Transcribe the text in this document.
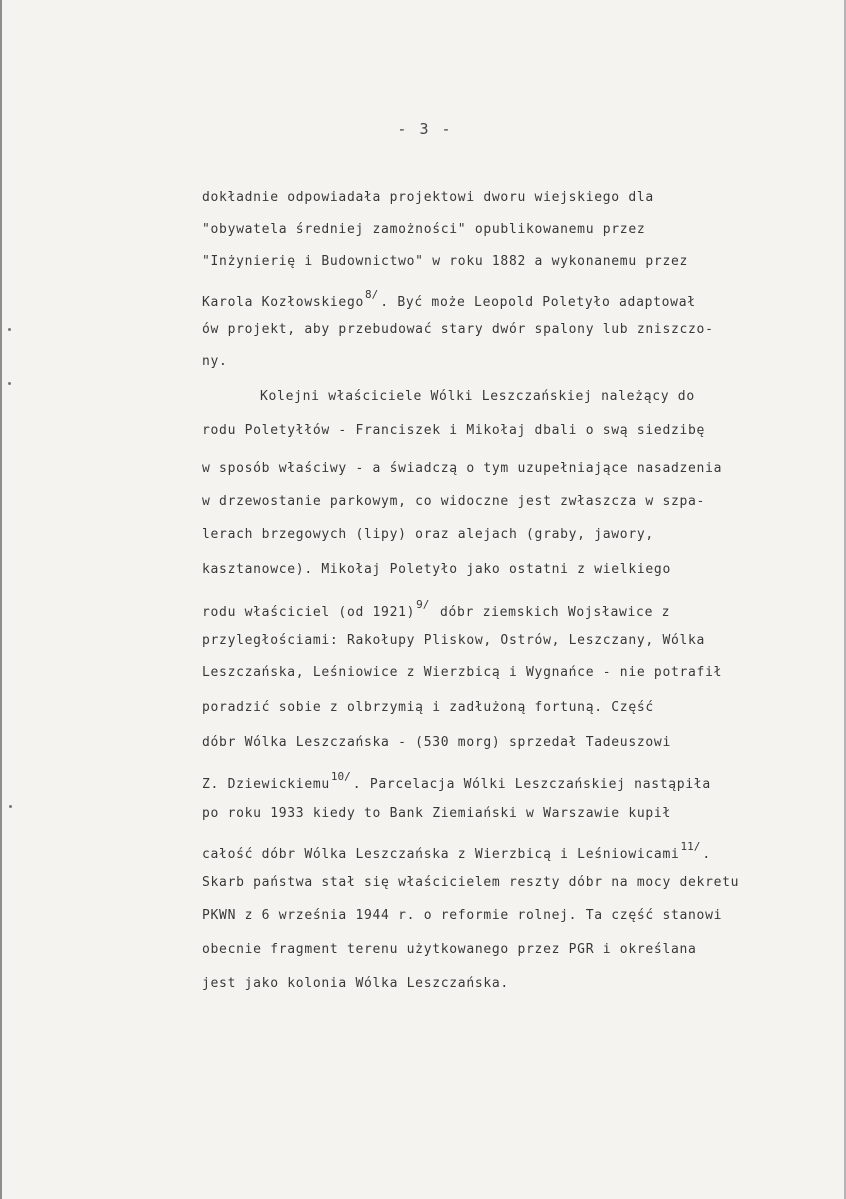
- 3 -
dokładnie odpowiadała projektowi dworu wiejskiego dla
"obywatela średniej zamożności" opublikowanemu przez
"Inżynierię i Budownictwo" w roku 1882 a wykonanemu przez
Karola Kozłowskiego$^{8/}$. Być może Leopold Poletyło adaptował
ów projekt, aby przebudować stary dwór spalony lub zniszczo-
ny.
Kolejni właściciele Wólki Leszczańskiej należący do
rodu Poletyłłów - Franciszek i Mikołaj dbali o swą siedzibę
w sposób właściwy - a świadczą o tym uzupełniające nasadzenia
w drzewostanie parkowym, co widoczne jest zwłaszcza w szpa-
lerach brzegowych (lipy) oraz alejach (graby, jawory,
kasztanowce). Mikołaj Poletyło jako ostatni z wielkiego
rodu właściciel (od 1921)$^{9/}$ dóbr ziemskich Wojsławice z
przyległościami: Rakołupy Pliskow, Ostrów, Leszczany, Wólka
Leszczańska, Leśniowice z Wierzbicą i Wygnańce - nie potrafił
poradzić sobie z olbrzymią i zadłużoną fortuną. Część
dóbr Wólka Leszczańska - (530 morg) sprzedał Tadeuszowi
Z. Dziewickiemu$^{10/}$. Parcelacja Wólki Leszczańskiej nastąpiła
po roku 1933 kiedy to Bank Ziemiański w Warszawie kupił
całość dóbr Wólka Leszczańska z Wierzbicą i Leśniowicami$^{11/}$.
Skarb państwa stał się właścicielem reszty dóbr na mocy dekretu
PKWN z 6 września 1944 r. o reformie rolnej. Ta część stanowi
obecnie fragment terenu użytkowanego przez PGR i określana
jest jako kolonia Wólka Leszczańska.
